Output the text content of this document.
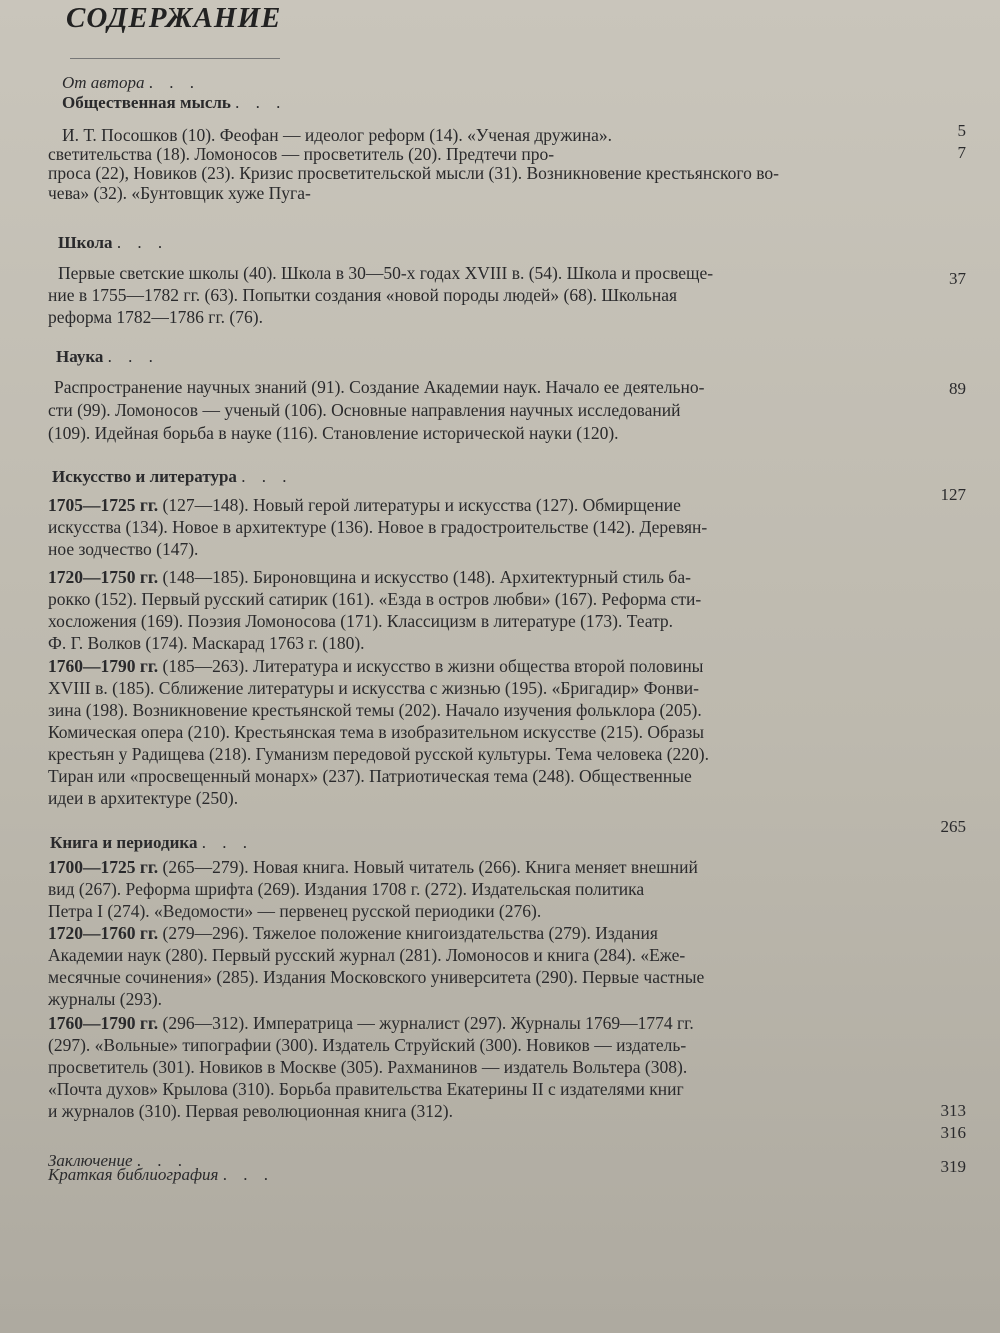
СОДЕРЖАНИЕ
От автора . . .
Общественная мысль . . .
5
7
И. Т. Посошков (10). Феофан — идеолог реформ (14). «Ученая дружина».
светительства (18). Ломоносов — просветитель (20). Предтечи про-
проса (22), Новиков (23). Кризис просветительской мысли (31). Возникновение крестьянского во-
чева» (32). «Бунтовщик хуже Пуга-
Школа . . .
37
Первые светские школы (40). Школа в 30—50-х годах XVIII в. (54). Школа и просвеще-
ние в 1755—1782 гг. (63). Попытки создания «новой породы людей» (68). Школьная
реформа 1782—1786 гг. (76).
Наука . . .
89
Распространение научных знаний (91). Создание Академии наук. Начало ее деятельно-
сти (99). Ломоносов — ученый (106). Основные направления научных исследований
(109). Идейная борьба в науке (116). Становление исторической науки (120).
Искусство и литература . . .
127
1705—1725 гг. (127—148). Новый герой литературы и искусства (127). Обмирщение
искусства (134). Новое в архитектуре (136). Новое в градостроительстве (142). Деревян-
ное зодчество (147).
1720—1750 гг. (148—185). Бироновщина и искусство (148). Архитектурный стиль ба-
рокко (152). Первый русский сатирик (161). «Езда в остров любви» (167). Реформа сти-
хосложения (169). Поэзия Ломоносова (171). Классицизм в литературе (173). Театр.
Ф. Г. Волков (174). Маскарад 1763 г. (180).
1760—1790 гг. (185—263). Литература и искусство в жизни общества второй половины
XVIII в. (185). Сближение литературы и искусства с жизнью (195). «Бригадир» Фонви-
зина (198). Возникновение крестьянской темы (202). Начало изучения фольклора (205).
Комическая опера (210). Крестьянская тема в изобразительном искусстве (215). Образы
крестьян у Радищева (218). Гуманизм передовой русской культуры. Тема человека (220).
Тиран или «просвещенный монарх» (237). Патриотическая тема (248). Общественные
идеи в архитектуре (250).
Книга и периодика . . .
265
1700—1725 гг. (265—279). Новая книга. Новый читатель (266). Книга меняет внешний
вид (267). Реформа шрифта (269). Издания 1708 г. (272). Издательская политика
Петра I (274). «Ведомости» — первенец русской периодики (276).
1720—1760 гг. (279—296). Тяжелое положение книгоиздательства (279). Издания
Академии наук (280). Первый русский журнал (281). Ломоносов и книга (284). «Еже-
месячные сочинения» (285). Издания Московского университета (290). Первые частные
журналы (293).
1760—1790 гг. (296—312). Императрица — журналист (297). Журналы 1769—1774 гг.
(297). «Вольные» типографии (300). Издатель Струйский (300). Новиков — издатель-
просветитель (301). Новиков в Москве (305). Рахманинов — издатель Вольтера (308).
«Почта духов» Крылова (310). Борьба правительства Екатерины II с издателями книг
и журналов (310). Первая революционная книга (312).	313
316
Заключение . . .	319
Краткая библиография . . .
